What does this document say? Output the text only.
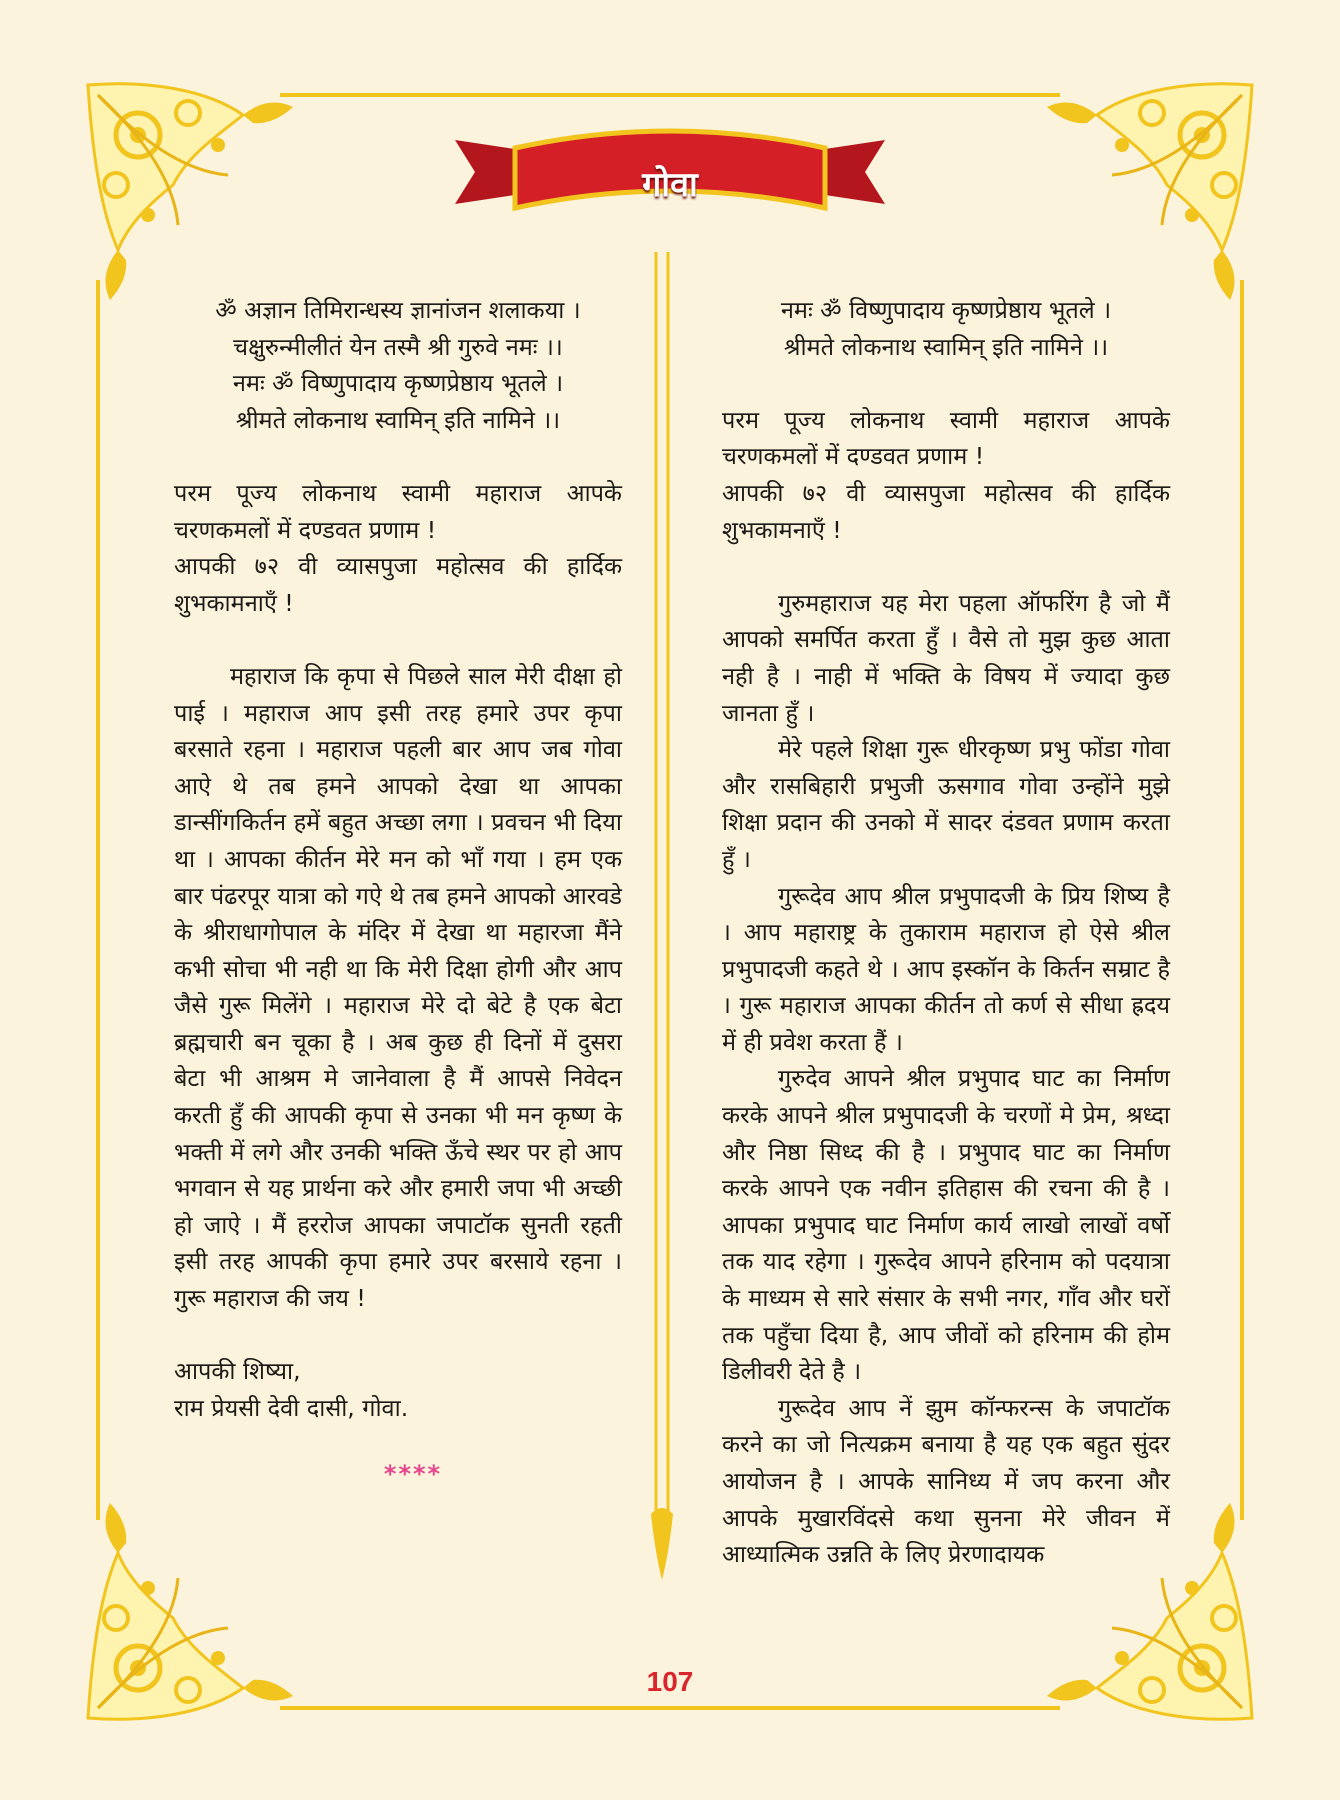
गोवा
ॐ अज्ञान तिमिरान्धस्य ज्ञानांजन शलाकया ।
चक्षुरुन्मीलीतं येन तस्मै श्री गुरुवे नमः ।।
नमः ॐ विष्णुपादाय कृष्णप्रेष्ठाय भूतले ।
श्रीमते लोकनाथ स्वामिन् इति नामिने ।।

परम पूज्य लोकनाथ स्वामी महाराज आपके चरणकमलों में दण्डवत प्रणाम !

आपकी ७२ वी व्यासपुजा महोत्सव की हार्दिक शुभकामनाएँ !

महाराज कि कृपा से पिछले साल मेरी दीक्षा हो पाई । महाराज आप इसी तरह हमारे उपर कृपा बरसाते रहना । महाराज पहली बार आप जब गोवा आऐ थे तब हमने आपको देखा था आपका डान्सींगकिर्तन हमें बहुत अच्छा लगा । प्रवचन भी दिया था । आपका कीर्तन मेरे मन को भाँ गया । हम एक बार पंढरपूर यात्रा को गऐ थे तब हमने आपको आरवडे के श्रीराधागोपाल के मंदिर में देखा था महारजा मैंने कभी सोचा भी नही था कि मेरी दिक्षा होगी और आप जैसे गुरू मिलेंगे । महाराज मेरे दो बेटे है एक बेटा ब्रह्मचारी बन चूका है । अब कुछ ही दिनों में दुसरा बेटा भी आश्रम मे जानेवाला है मैं आपसे निवेदन करती हुँ की आपकी कृपा से उनका भी मन कृष्ण के भक्ती में लगे और उनकी भक्ति ऊँचे स्थर पर हो आप भगवान से यह प्रार्थना करे और हमारी जपा भी अच्छी हो जाऐ । मैं हररोज आपका जपाटॉक सुनती रहती इसी तरह आपकी कृपा हमारे उपर बरसाये रहना । गुरू महाराज की जय !

आपकी शिष्या,

राम प्रेयसी देवी दासी, गोवा.

****
नमः ॐ विष्णुपादाय कृष्णप्रेष्ठाय भूतले ।
श्रीमते लोकनाथ स्वामिन् इति नामिने ।।

परम पूज्य लोकनाथ स्वामी महाराज आपके चरणकमलों में दण्डवत प्रणाम !

आपकी ७२ वी व्यासपुजा महोत्सव की हार्दिक शुभकामनाएँ !

गुरुमहाराज यह मेरा पहला ऑफरिंग है जो मैं आपको समर्पित करता हुँ । वैसे तो मुझ कुछ आता नही है । नाही में भक्ति के विषय में ज्यादा कुछ जानता हुँ ।

मेरे पहले शिक्षा गुरू धीरकृष्ण प्रभु फोंडा गोवा और रासबिहारी प्रभुजी ऊसगाव गोवा उन्होंने मुझे शिक्षा प्रदान की उनको में सादर दंडवत प्रणाम करता हुँ ।

गुरूदेव आप श्रील प्रभुपादजी के प्रिय शिष्य है । आप महाराष्ट्र के तुकाराम महाराज हो ऐसे श्रील प्रभुपादजी कहते थे । आप इस्कॉन के किर्तन सम्राट है । गुरू महाराज आपका कीर्तन तो कर्ण से सीधा ह्रदय में ही प्रवेश करता हैं ।

गुरुदेव आपने श्रील प्रभुपाद घाट का निर्माण करके आपने श्रील प्रभुपादजी के चरणों मे प्रेम, श्रध्दा और निष्ठा सिध्द की है । प्रभुपाद घाट का निर्माण करके आपने एक नवीन इतिहास की रचना की है । आपका प्रभुपाद घाट निर्माण कार्य लाखो लाखों वर्षो तक याद रहेगा । गुरूदेव आपने हरिनाम को पदयात्रा के माध्यम से सारे संसार के सभी नगर, गाँव और घरों तक पहुँचा दिया है, आप जीवों को हरिनाम की होम डिलीवरी देते है ।

गुरूदेव आप नें झुम कॉन्फरन्स के जपाटॉक करने का जो नित्यक्रम बनाया है यह एक बहुत सुंदर आयोजन है । आपके सानिध्य में जप करना और आपके मुखारविंदसे कथा सुनना मेरे जीवन में आध्यात्मिक उन्नति के लिए प्रेरणादायक

107
